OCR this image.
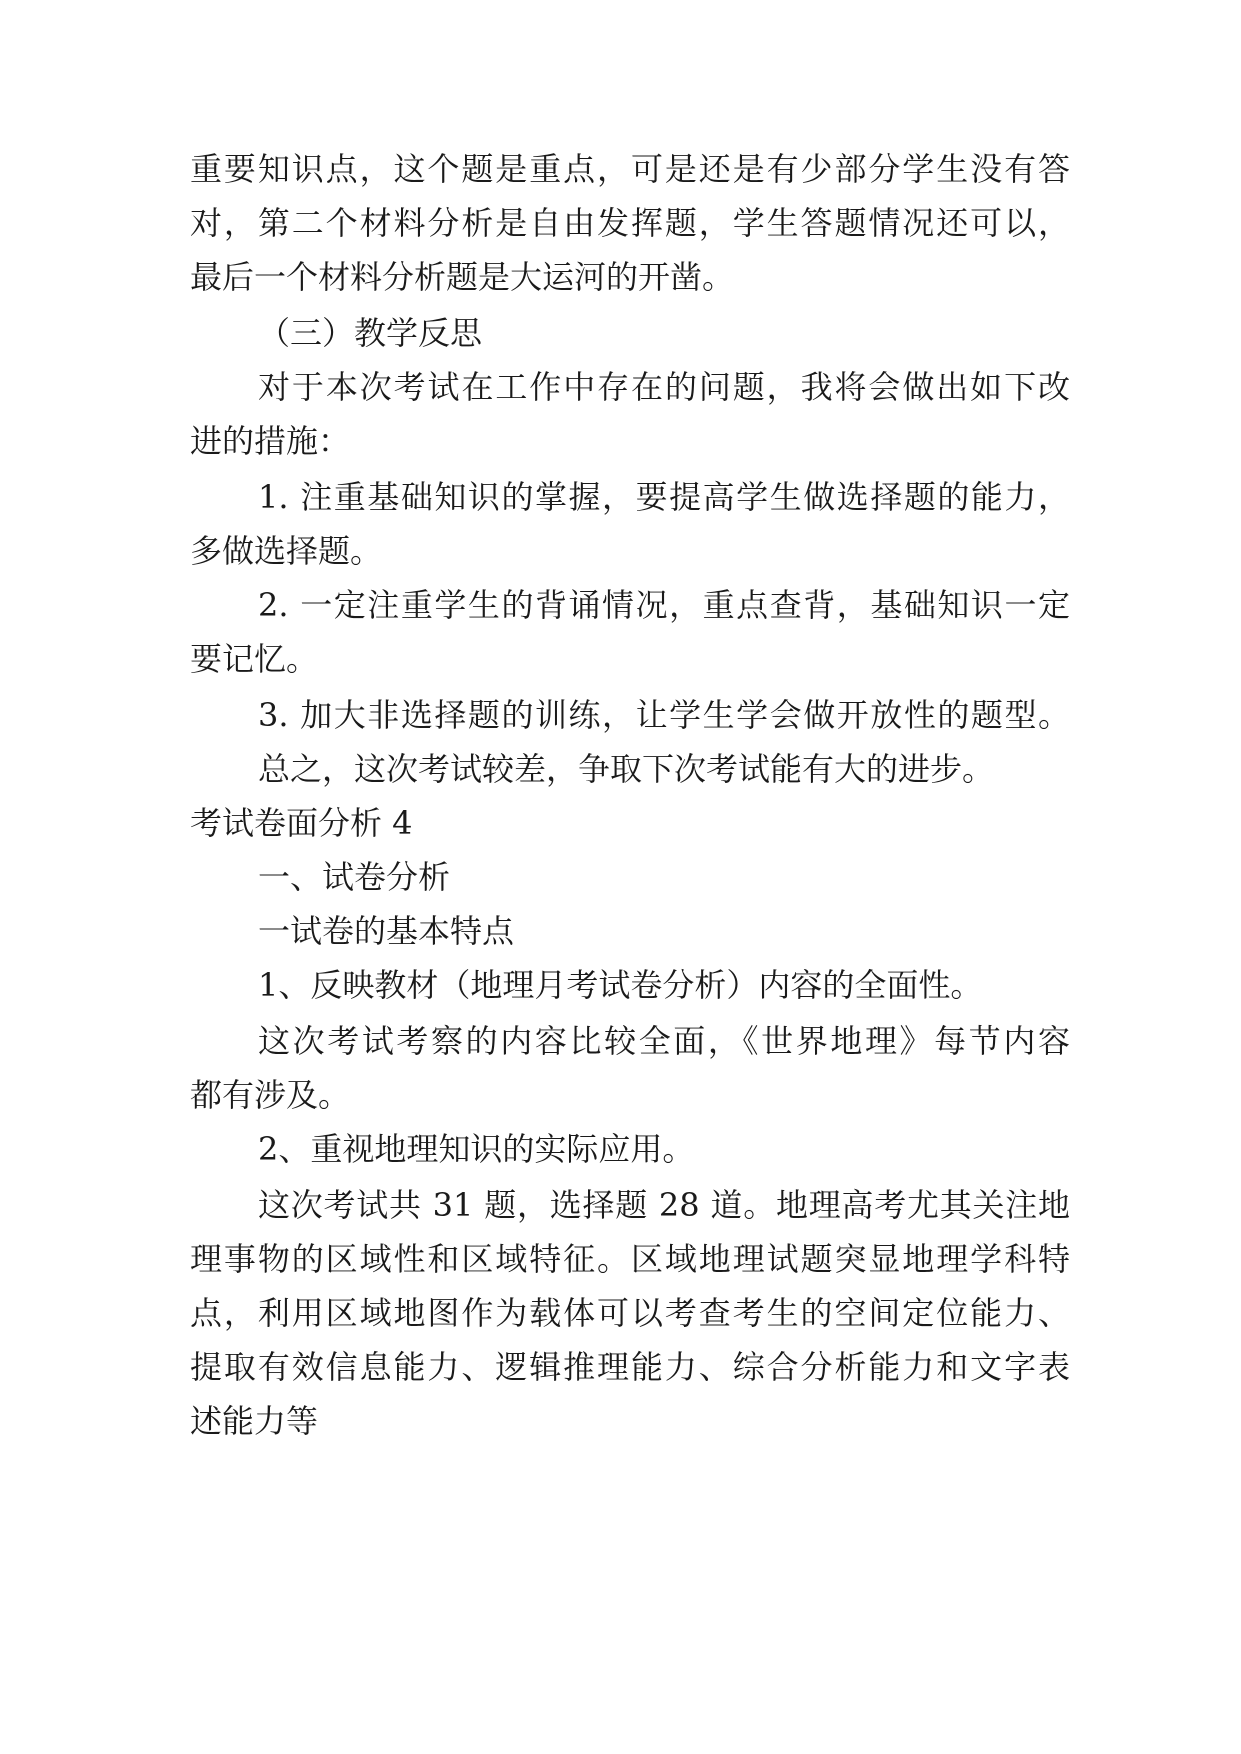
重要知识点，这个题是重点，可是还是有少部分学生没有答
对，第二个材料分析是自由发挥题，学生答题情况还可以，
最后一个材料分析题是大运河的开凿。
（三）教学反思
对于本次考试在工作中存在的问题，我将会做出如下改
进的措施：
1. 注重基础知识的掌握，要提高学生做选择题的能力，
多做选择题。
2. 一定注重学生的背诵情况，重点查背，基础知识一定
要记忆。
3. 加大非选择题的训练，让学生学会做开放性的题型。
总之，这次考试较差，争取下次考试能有大的进步。
考试卷面分析 4
一、试卷分析
一试卷的基本特点
1、反映教材（地理月考试卷分析）内容的全面性。
这次考试考察的内容比较全面，《世界地理》每节内容
都有涉及。
2、重视地理知识的实际应用。
这次考试共 31 题，选择题 28 道。地理高考尤其关注地
理事物的区域性和区域特征。区域地理试题突显地理学科特
点，利用区域地图作为载体可以考查考生的空间定位能力、
提取有效信息能力、逻辑推理能力、综合分析能力和文字表
述能力等
